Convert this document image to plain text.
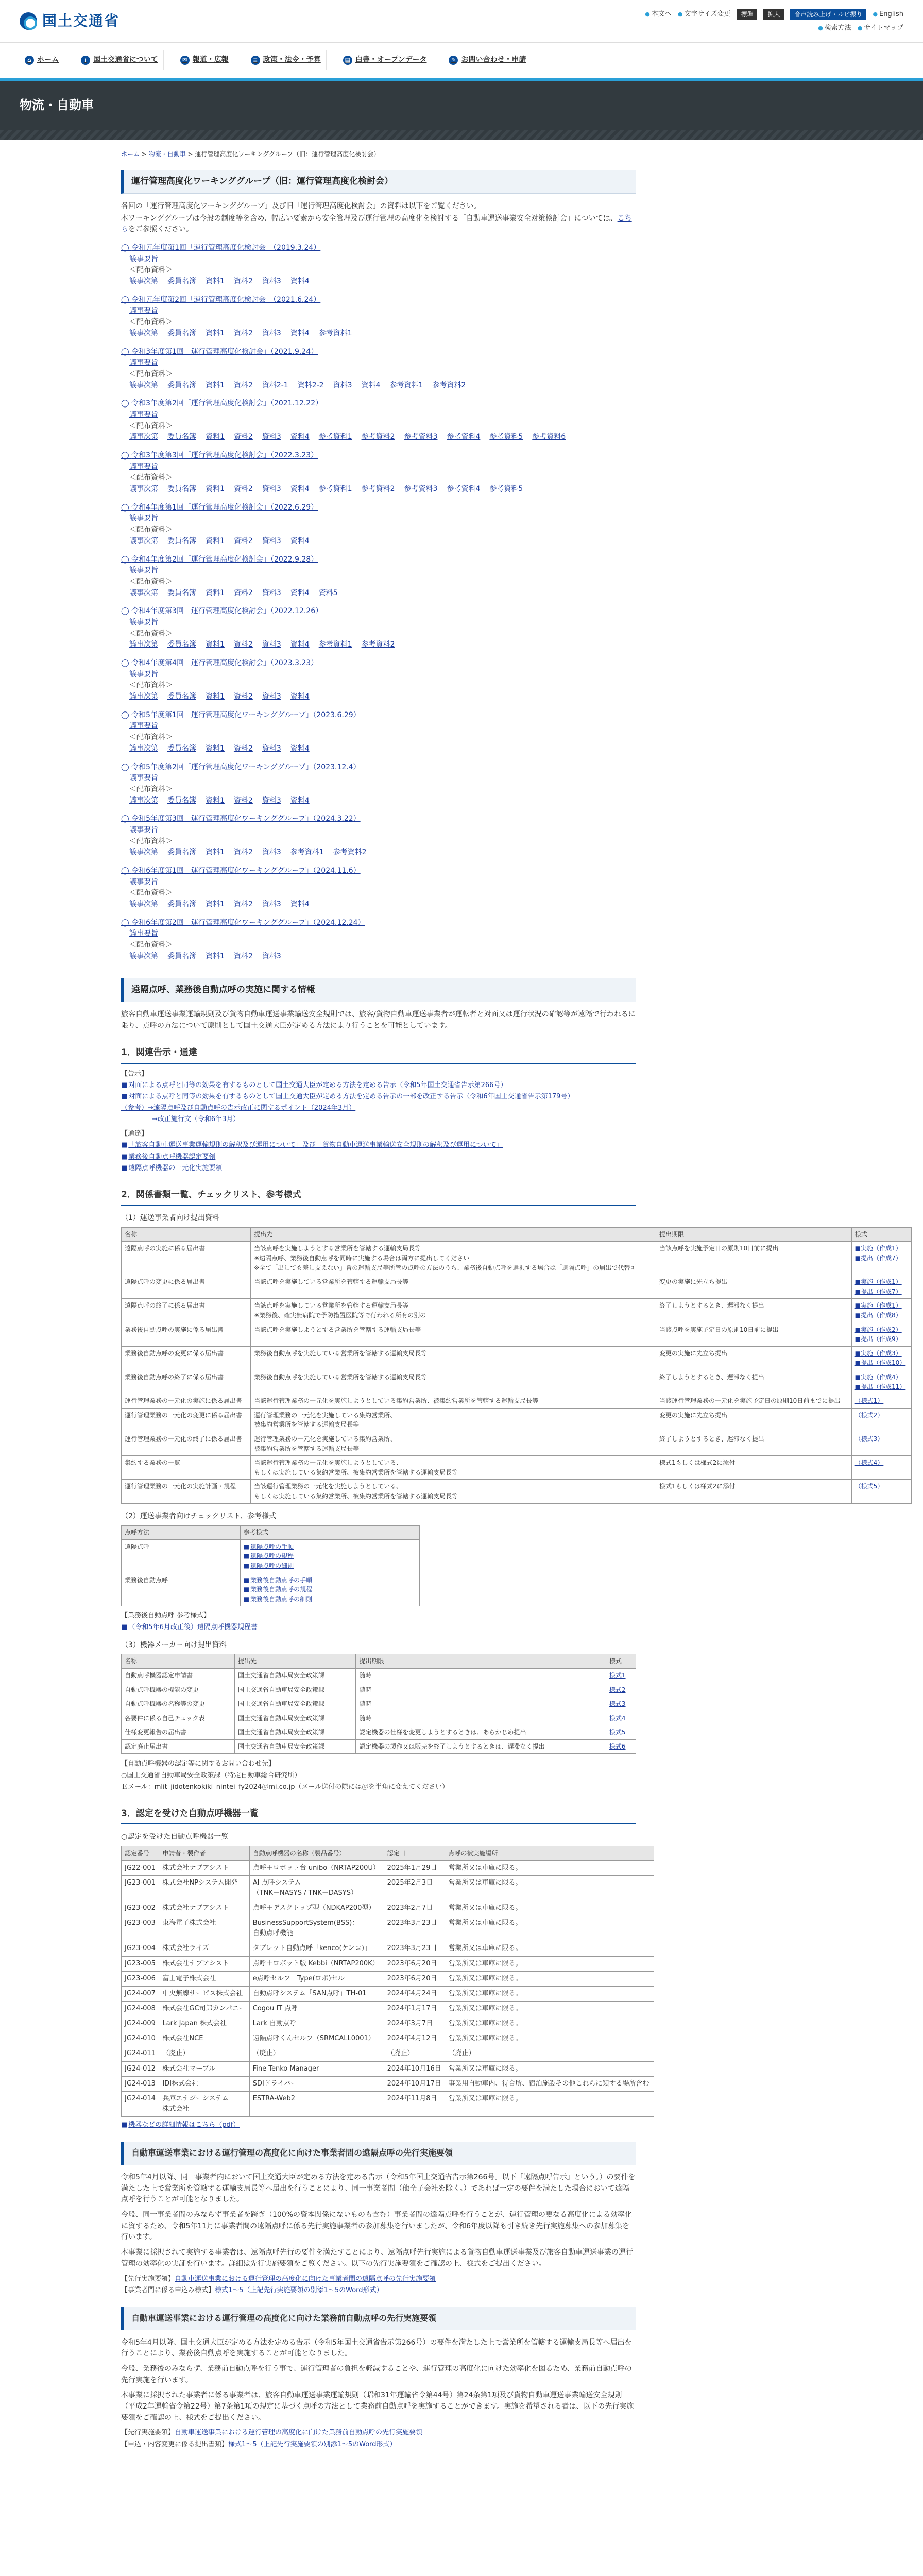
国土交通省	● 本文へ	● 文字サイズ変更	標準	拡大	音声読み上げ・ルビ振り	● English
● 検索方法	● サイトマップ
⌂ ホーム	i 国土交通省について	✉ 報道・広報	≡ 政策・法令・予算	▤ 白書・オープンデータ	✎ お問い合わせ・申請
物流・自動車
ホーム > 物流・自動車 > 運行管理高度化ワーキンググループ（旧：運行管理高度化検討会）
運行管理高度化ワーキンググループ（旧：運行管理高度化検討会）

各回の「運行管理高度化ワーキンググループ」及び旧「運行管理高度化検討会」の資料は以下をご覧ください。

本ワーキンググループは今般の制度等を含め、幅広い要素から安全管理及び運行管理の高度化を検討する「自動車運送事業安全対策検討会」については、こちらをご参照ください。

◯ 令和元年度第1回「運行管理高度化検討会」（2019.3.24）
議事要旨
＜配布資料＞
議事次第 委員名簿 資料1 資料2 資料3 資料4
◯ 令和元年度第2回「運行管理高度化検討会」（2021.6.24）
議事要旨
＜配布資料＞
議事次第 委員名簿 資料1 資料2 資料3 資料4 参考資料1
◯ 令和3年度第1回「運行管理高度化検討会」（2021.9.24）
議事要旨
＜配布資料＞
議事次第 委員名簿 資料1 資料2 資料2-1 資料2-2 資料3 資料4 参考資料1 参考資料2
◯ 令和3年度第2回「運行管理高度化検討会」（2021.12.22）
議事要旨
＜配布資料＞
議事次第 委員名簿 資料1 資料2 資料3 資料4 参考資料1 参考資料2 参考資料3 参考資料4 参考資料5 参考資料6
◯ 令和3年度第3回「運行管理高度化検討会」（2022.3.23）
議事要旨
＜配布資料＞
議事次第 委員名簿 資料1 資料2 資料3 資料4 参考資料1 参考資料2 参考資料3 参考資料4 参考資料5
◯ 令和4年度第1回「運行管理高度化検討会」（2022.6.29）
議事要旨
＜配布資料＞
議事次第 委員名簿 資料1 資料2 資料3 資料4
◯ 令和4年度第2回「運行管理高度化検討会」（2022.9.28）
議事要旨
＜配布資料＞
議事次第 委員名簿 資料1 資料2 資料3 資料4 資料5
◯ 令和4年度第3回「運行管理高度化検討会」（2022.12.26）
議事要旨
＜配布資料＞
議事次第 委員名簿 資料1 資料2 資料3 資料4 参考資料1 参考資料2
◯ 令和4年度第4回「運行管理高度化検討会」（2023.3.23）
議事要旨
＜配布資料＞
議事次第 委員名簿 資料1 資料2 資料3 資料4
◯ 令和5年度第1回「運行管理高度化ワーキンググループ」（2023.6.29）
議事要旨
＜配布資料＞
議事次第 委員名簿 資料1 資料2 資料3 資料4
◯ 令和5年度第2回「運行管理高度化ワーキンググループ」（2023.12.4）
議事要旨
＜配布資料＞
議事次第 委員名簿 資料1 資料2 資料3 資料4
◯ 令和5年度第3回「運行管理高度化ワーキンググループ」（2024.3.22）
議事要旨
＜配布資料＞
議事次第 委員名簿 資料1 資料2 資料3 参考資料1 参考資料2
◯ 令和6年度第1回「運行管理高度化ワーキンググループ」（2024.11.6）
議事要旨
＜配布資料＞
議事次第 委員名簿 資料1 資料2 資料3 資料4
◯ 令和6年度第2回「運行管理高度化ワーキンググループ」（2024.12.24）
議事要旨
＜配布資料＞
議事次第 委員名簿 資料1 資料2 資料3
遠隔点呼、業務後自動点呼の実施に関する情報

旅客自動車運送事業運輸規則及び貨物自動車運送事業輸送安全規則では、旅客/貨物自動車運送事業者が運転者と対面又は運行状況の確認等が遠隔で行われるに限り、点呼の方法について原則として国土交通大臣が定める方法により行うことを可能としています。

1．関連告示・通達
【告示】
■ 対面による点呼と同等の効果を有するものとして国土交通大臣が定める方法を定める告示（令和5年国土交通省告示第266号）
■ 対面による点呼と同等の効果を有するものとして国土交通大臣が定める方法を定める告示の一部を改正する告示（令和6年国土交通省告示第179号）
（参考）→遠隔点呼及び自動点呼の告示改正に関するポイント（2024年3月）
→改正施行文（令和6年3月）
【通達】
■ 「旅客自動車運送事業運輸規則の解釈及び運用について」及び「貨物自動車運送事業輸送安全規則の解釈及び運用について」
■ 業務後自動点呼機器認定要領
■ 遠隔点呼機器の一元化実施要領
2．関係書類一覧、チェックリスト、参考様式

（1）運送事業者向け提出資料

名称	提出先	提出期限	様式
遠隔点呼の実施に係る届出書	当該点呼を実施しようとする営業所を管轄する運輸支局長等
※遠隔点呼、業務後自動点呼を同時に実施する場合は両方に提出してください
※全て「出しても差し支えない」旨の運輸支局等所管の点呼の方法のうち、業務後自動点呼を選択する場合は「遠隔点呼」の届出で代替可	当該点呼を実施予定日の原則10日前に提出	■実施（作成1）
■提出（作成7）
遠隔点呼の変更に係る届出書	当該点呼を実施している営業所を管轄する運輸支局長等	変更の実施に先立ち提出	■実施（作成1）
■提出（作成7）
遠隔点呼の終了に係る届出書	当該点呼を実施している営業所を管轄する運輸支局長等
※業務後、確実無病院で予防措置医院等で行われる所有の別の	終了しようとするとき、遅滞なく提出	■実施（作成1）
■提出（作成8）
業務後自動点呼の実施に係る届出書	当該点呼を実施しようとする営業所を管轄する運輸支局長等	当該点呼を実施予定日の原則10日前に提出	■実施（作成2）
■提出（作成9）
業務後自動点呼の変更に係る届出書	業務後自動点呼を実施している営業所を管轄する運輸支局長等	変更の実施に先立ち提出	■実施（作成3）
■提出（作成10）
業務後自動点呼の終了に係る届出書	業務後自動点呼を実施している営業所を管轄する運輸支局長等	終了しようとするとき、遅滞なく提出	■実施（作成4）
■提出（作成11）
運行管理業務の一元化の実施に係る届出書	当該運行管理業務の一元化を実施しようとしている集約営業所、被集約営業所を管轄する運輸支局長等	当該運行管理業務の一元化を実施予定日の原則10日前までに提出	（様式1）
運行管理業務の一元化の変更に係る届出書	運行管理業務の一元化を実施している集約営業所、
被集約営業所を管轄する運輸支局長等	変更の実施に先立ち提出	（様式2）
運行管理業務の一元化の終了に係る届出書	運行管理業務の一元化を実施している集約営業所、
被集約営業所を管轄する運輸支局長等	終了しようとするとき、遅滞なく提出	（様式3）
集約する業務の一覧	当該運行管理業務の一元化を実施しようとしている、
もしくは実施している集約営業所、被集約営業所を管轄する運輸支局長等	様式1もしくは様式2に添付	（様式4）
運行管理業務の一元化の実施計画・規程	当該運行管理業務の一元化を実施しようとしている、
もしくは実施している集約営業所、被集約営業所を管轄する運輸支局長等	様式1もしくは様式2に添付	（様式5）

（2）運送事業者向けチェックリスト、参考様式

点呼方法	参考様式
遠隔点呼	■ 遠隔点呼の手順
■ 遠隔点呼の規程
■ 遠隔点呼の細則

業務後自動点呼	■ 業務後自動点呼の手順
■ 業務後自動点呼の規程
■ 業務後自動点呼の細則
【業務後自動点呼 参考様式】
■ （令和5年6月改正後）遠隔点呼機器規程書

（3）機器メーカー向け提出資料

名称	提出先	提出期限	様式
自動点呼機器認定申請書	国土交通省自動車局安全政策課	随時	様式1
自動点呼機器の機能の変更	国土交通省自動車局安全政策課	随時	様式2
自動点呼機器の名称等の変更	国土交通省自動車局安全政策課	随時	様式3
各要件に係る自己チェック表	国土交通省自動車局安全政策課	随時	様式4
仕様変更報告の届出書	国土交通省自動車局安全政策課	認定機器の仕様を変更しようとするときは、あらかじめ提出	様式5
認定廃止届出書	国土交通省自動車局安全政策課	認定機器の製作又は販売を終了しようとするときは、遅滞なく提出	様式6
【自動点呼機器の認定等に関するお問い合わせ先】
○国土交通省自動車局安全政策課（特定自動車総合研究所）
Ｅメール：mlit_jidotenkokiki_nintei_fy2024＠mi.co.jp（メール送付の際には＠を半角に変えてください）
3．認定を受けた自動点呼機器一覧

○認定を受けた自動点呼機器一覧

認定番号	申請者・製作者	自動点呼機器の名称（製品番号）	認定日	点呼の被実施場所
JG22-001	株式会社ナブアシスト	点呼＋ロボット台 unibo（NRTAP200U）	2025年1月29日	営業所又は車庫に限る。
JG23-001	株式会社NPシステム開発	AI 点呼システム
（TNK－NASYS / TNK－DASYS）	2025年2月3日	営業所又は車庫に限る。
JG23-002	株式会社ナブアシスト	点呼＋デスクトップ型（NDKAP200型）	2023年2月7日	営業所又は車庫に限る。
JG23-003	東海電子株式会社	BusinessSupportSystem(BSS)：
自動点呼機能	2023年3月23日	営業所又は車庫に限る。
JG23-004	株式会社ライズ	タブレット自動点呼「kenco(ケンコ)」	2023年3月23日	営業所又は車庫に限る。
JG23-005	株式会社ナブアシスト	点呼＋ロボット版 Kebbi（NRTAP200K）	2023年6月20日	営業所又は車庫に限る。
JG23-006	富士電子株式会社	e点呼セルフ　Type(ロボ)セル	2023年6月20日	営業所又は車庫に限る。
JG24-007	中央無線サービス株式会社	自動点呼システム「SAN点呼」TH-01	2024年4月24日	営業所又は車庫に限る。
JG24-008	株式会社GC司郎カンパニー	Cogou IT 点呼	2024年1月17日	営業所又は車庫に限る。
JG24-009	Lark Japan 株式会社	Lark 自動点呼	2024年3月7日	営業所又は車庫に限る。
JG24-010	株式会社NCE	遠隔点呼くんセルフ（SRMCALL0001）	2024年4月12日	営業所又は車庫に限る。
JG24-011	（廃止）	（廃止）	（廃止）	（廃止）
JG24-012	株式会社マーブル	Fine Tenko Manager	2024年10月16日	営業所又は車庫に限る。
JG24-013	IDI株式会社	SDIドライバー	2024年10月17日	事業用自動車内、待合所、宿泊施設その他これらに類する場所含む
JG24-014	兵庫エナジーシステム
株式会社	ESTRA-Web2	2024年11月8日	営業所又は車庫に限る。
■ 機器などの詳細情報はこちら（pdf）
自動車運送事業における運行管理の高度化に向けた事業者間の遠隔点呼の先行実施要領

令和5年4月以降、同一事業者内において国土交通大臣が定める方法を定める告示（令和5年国土交通省告示第266号。以下「遠隔点呼告示」という。）の要件を満たした上で営業所を管轄する運輸支局長等へ届出を行うことにより、同一事業者間（他全子会社を除く。）であれば一定の要件を満たした場合において遠隔点呼を行うことが可能となりました。

今般、同一事業者間のみならず事業者を跨ぎ（100%の資本関係にないものも含む）事業者間の遠隔点呼を行うことが、運行管理の更なる高度化による効率化に資するため、令和5年11月に事業者間の遠隔点呼に係る先行実施事業者の参加募集を行いましたが、令和6年度以降も引き続き先行実施募集への参加募集を行います。

本事業に採択されて実施する事業者は、遠隔点呼先行の要件を満たすことにより、遠隔点呼先行実施による貨物自動車運送事業及び旅客自動車運送事業の運行管理の効率化の実証を行います。詳細は先行実施要領をご覧ください。以下の先行実施要領をご確認の上、様式をご提出ください。

【先行実施要領】自動車運送事業における運行管理の高度化に向けた事業者間の遠隔点呼の先行実施要領
【事業者間に係る申込み様式】様式1～5（上記先行実施要領の別添1～5のWord形式）
自動車運送事業における運行管理の高度化に向けた業務前自動点呼の先行実施要領

令和5年4月以降、国土交通大臣が定める方法を定める告示（令和5年国土交通省告示第266号）の要件を満たした上で営業所を管轄する運輸支局長等へ届出を行うことにより、業務後自動点呼を実施することが可能となりました。

今般、業務後のみならず、業務前自動点呼を行う事で、運行管理者の負担を軽減することや、運行管理の高度化に向けた効率化を図るため、業務前自動点呼の先行実施を行います。

本事業に採択された事業者に係る事業者は、旅客自動車運送事業運輸規則（昭和31年運輸省令第44号）第24条第1項及び貨物自動車運送事業輸送安全規則（平成2年運輸省令第22号）第7条第1項の規定に基づく点呼の方法として業務前自動点呼を実施することができます。実施を希望される者は、以下の先行実施要領をご確認の上、様式をご提出ください。

【先行実施要領】自動車運送事業における運行管理の高度化に向けた業務前自動点呼の先行実施要領
【申込・内容変更に係る提出書類】様式1～5（上記先行実施要領の別添1～5のWord形式）
